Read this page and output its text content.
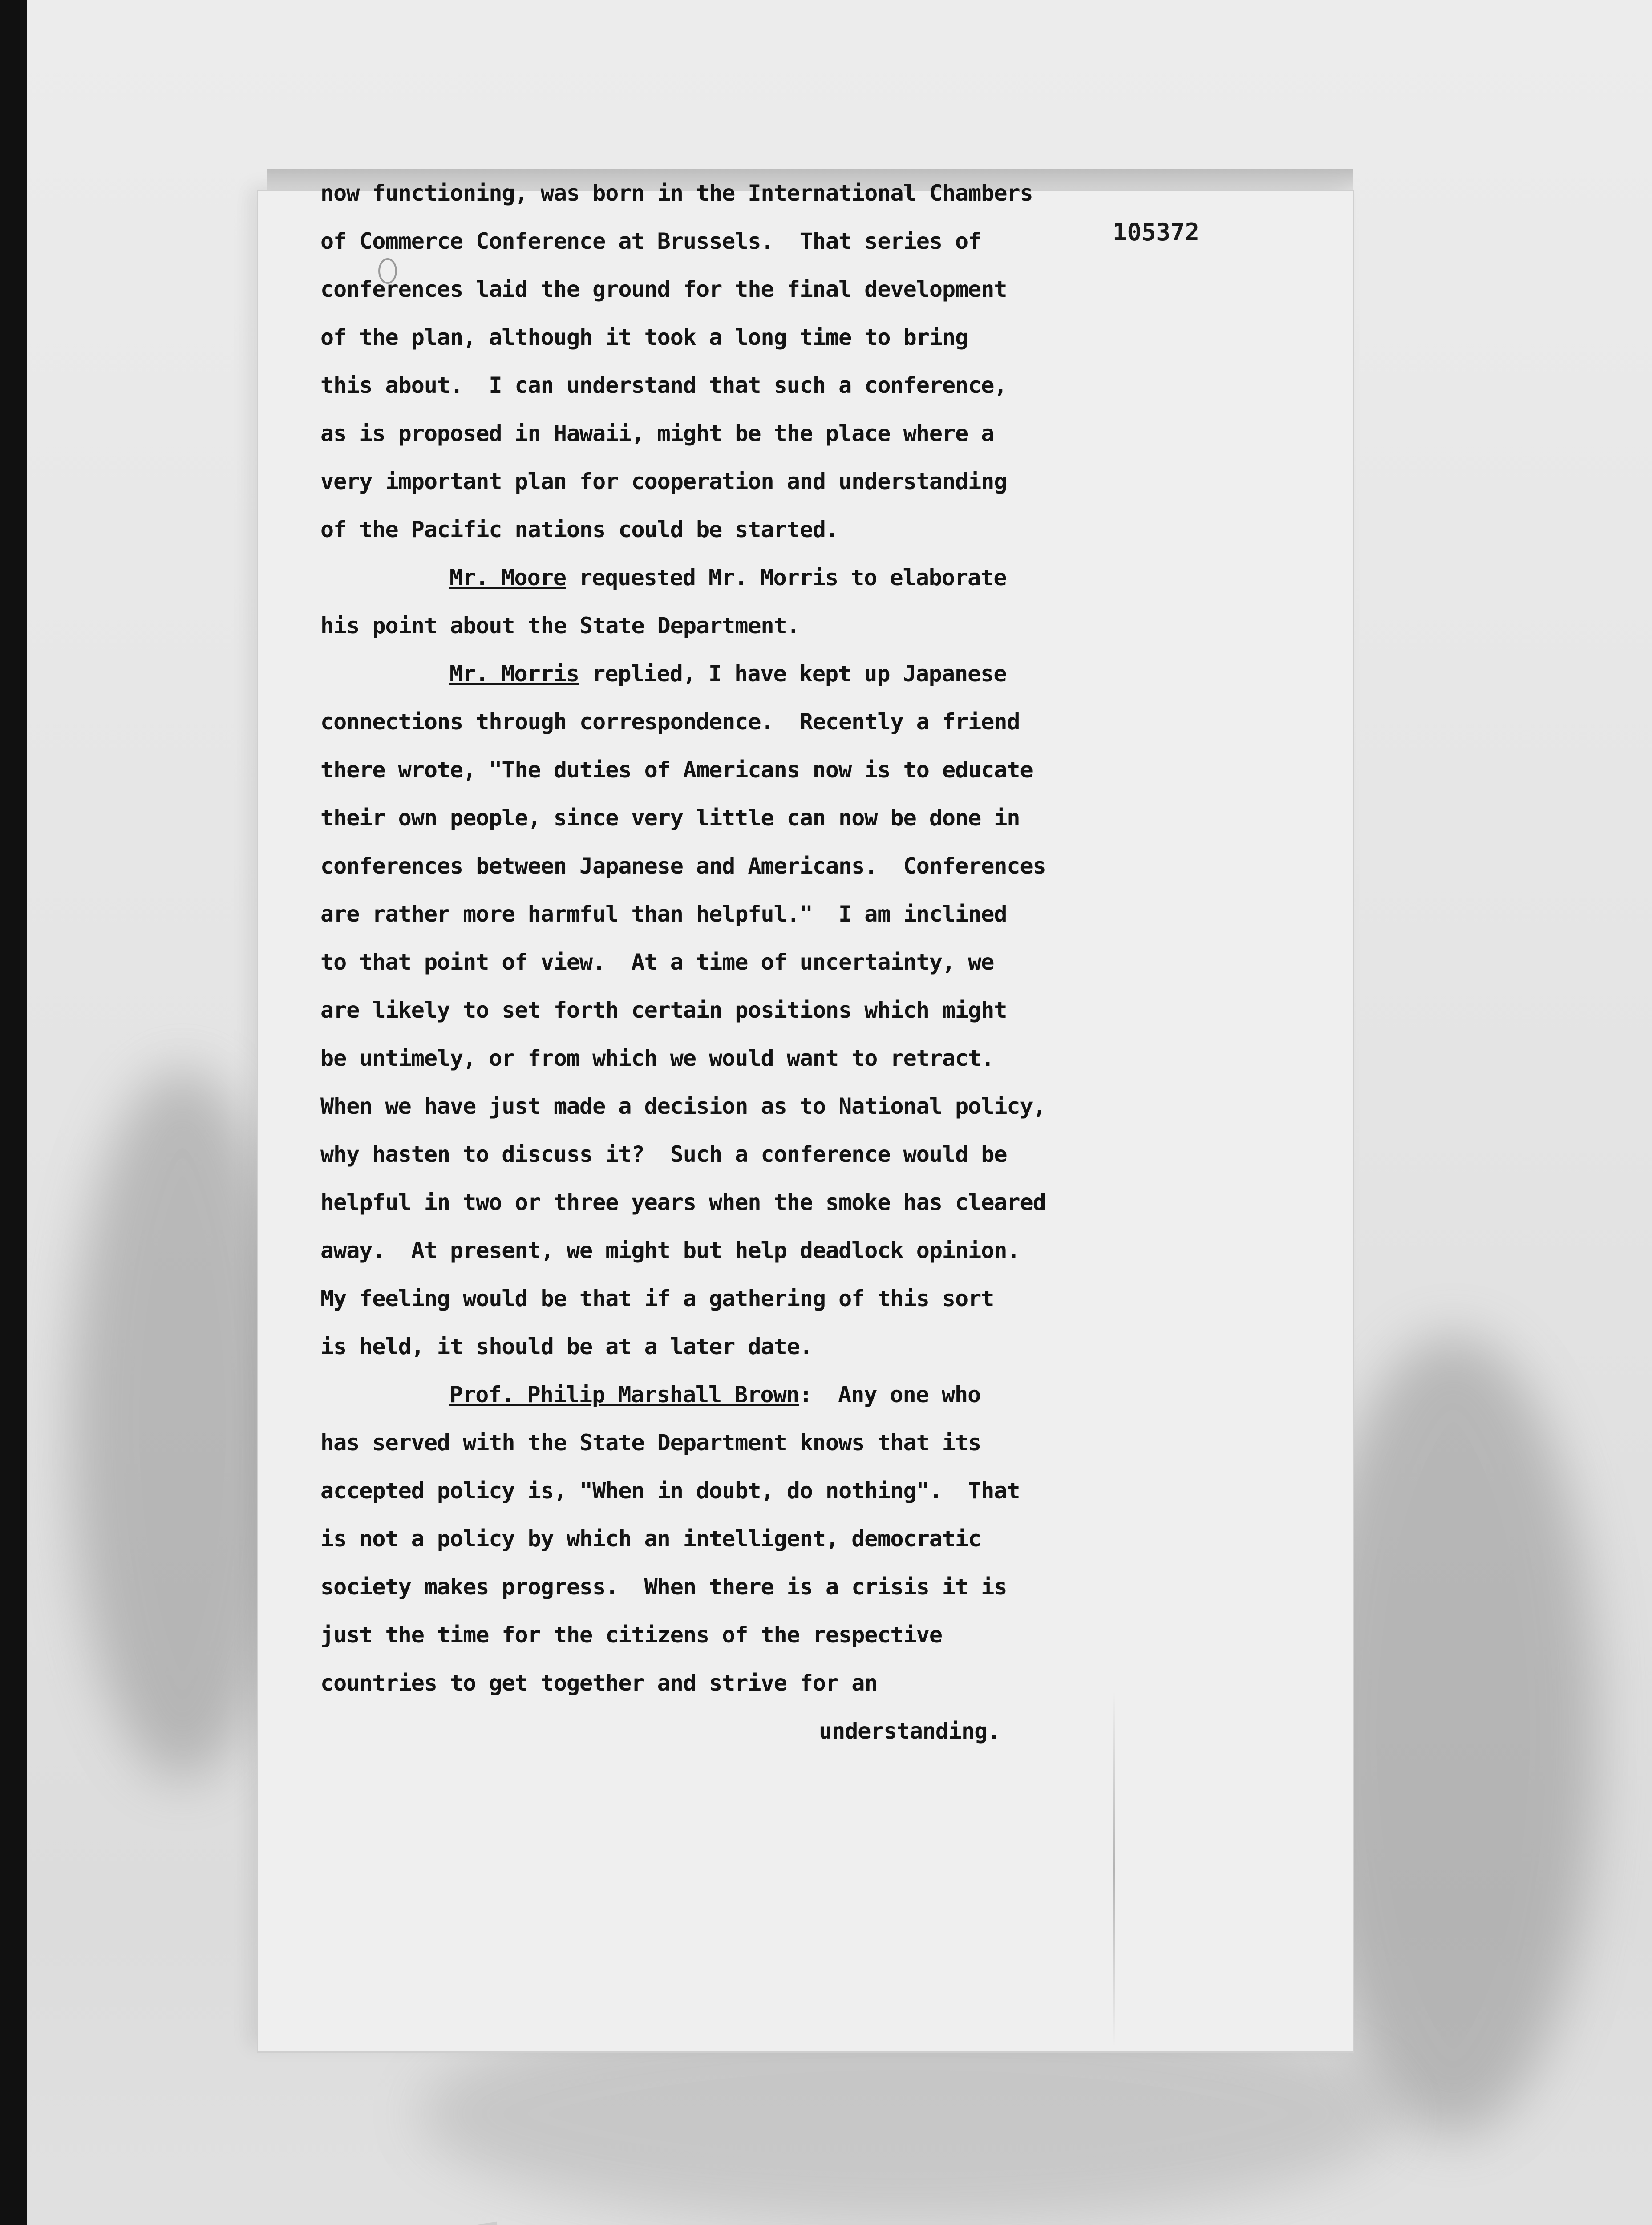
105372
now functioning, was born in the International Chambers
of Commerce Conference at Brussels.  That series of
conferences laid the ground for the final development
of the plan, although it took a long time to bring
this about.  I can understand that such a conference,
as is proposed in Hawaii, might be the place where a
very important plan for cooperation and understanding
of the Pacific nations could be started.
Mr. Moore requested Mr. Morris to elaborate
his point about the State Department.
Mr. Morris replied, I have kept up Japanese
connections through correspondence.  Recently a friend
there wrote, "The duties of Americans now is to educate
their own people, since very little can now be done in
conferences between Japanese and Americans.  Conferences
are rather more harmful than helpful."  I am inclined
to that point of view.  At a time of uncertainty, we
are likely to set forth certain positions which might
be untimely, or from which we would want to retract.
When we have just made a decision as to National policy,
why hasten to discuss it?  Such a conference would be
helpful in two or three years when the smoke has cleared
away.  At present, we might but help deadlock opinion.
My feeling would be that if a gathering of this sort
is held, it should be at a later date.
Prof. Philip Marshall Brown:  Any one who
has served with the State Department knows that its
accepted policy is, "When in doubt, do nothing".  That
is not a policy by which an intelligent, democratic
society makes progress.  When there is a crisis it is
just the time for the citizens of the respective
countries to get together and strive for an
understanding.
